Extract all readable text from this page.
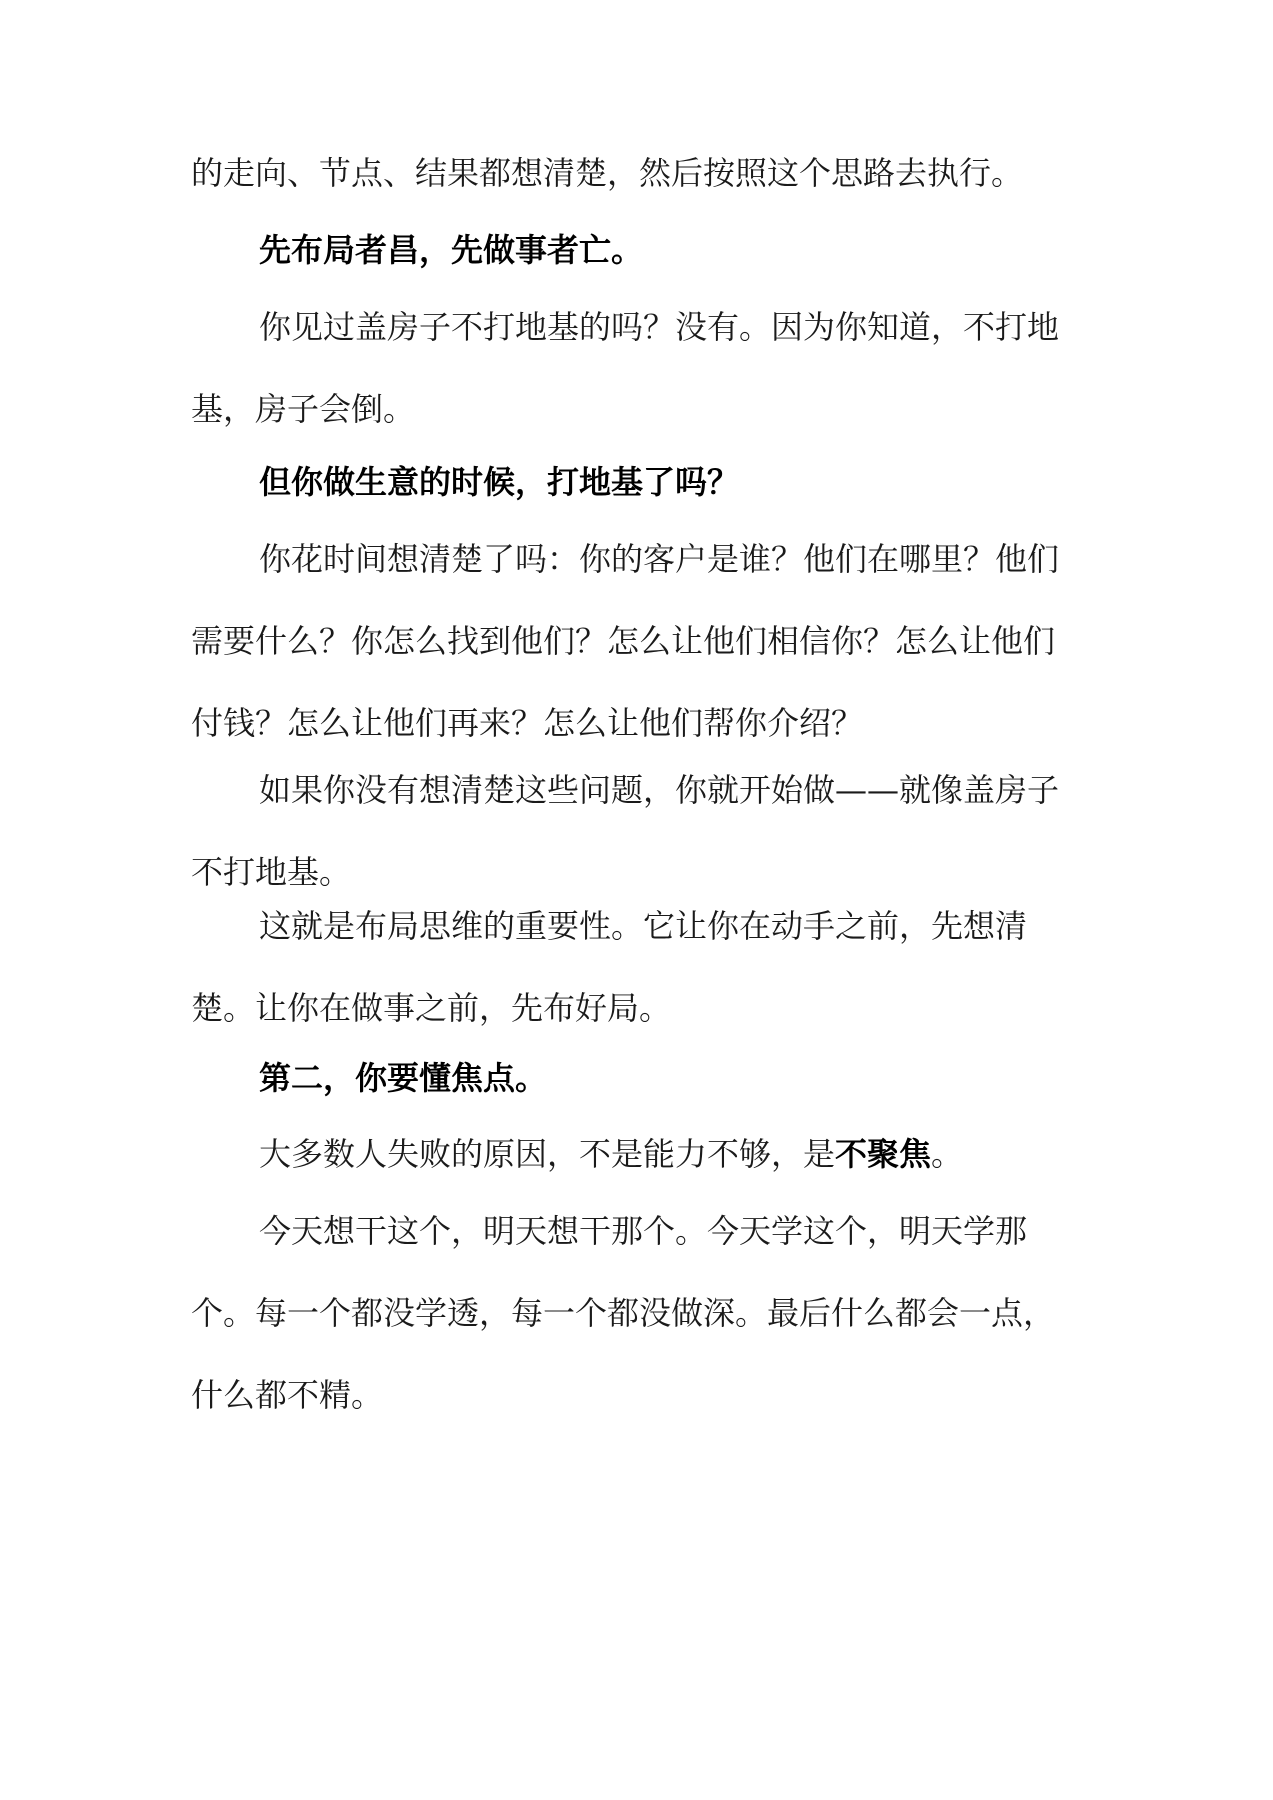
的走向、节点、结果都想清楚，然后按照这个思路去执行。

先布局者昌，先做事者亡。

你见过盖房子不打地基的吗？没有。因为你知道，不打地基，房子会倒。

但你做生意的时候，打地基了吗？

你花时间想清楚了吗：你的客户是谁？他们在哪里？他们需要什么？你怎么找到他们？怎么让他们相信你？怎么让他们付钱？怎么让他们再来？怎么让他们帮你介绍？

如果你没有想清楚这些问题，你就开始做——就像盖房子不打地基。

这就是布局思维的重要性。它让你在动手之前，先想清楚。让你在做事之前，先布好局。

第二，你要懂焦点。

大多数人失败的原因，不是能力不够，是不聚焦。

今天想干这个，明天想干那个。今天学这个，明天学那个。每一个都没学透，每一个都没做深。最后什么都会一点，什么都不精。
